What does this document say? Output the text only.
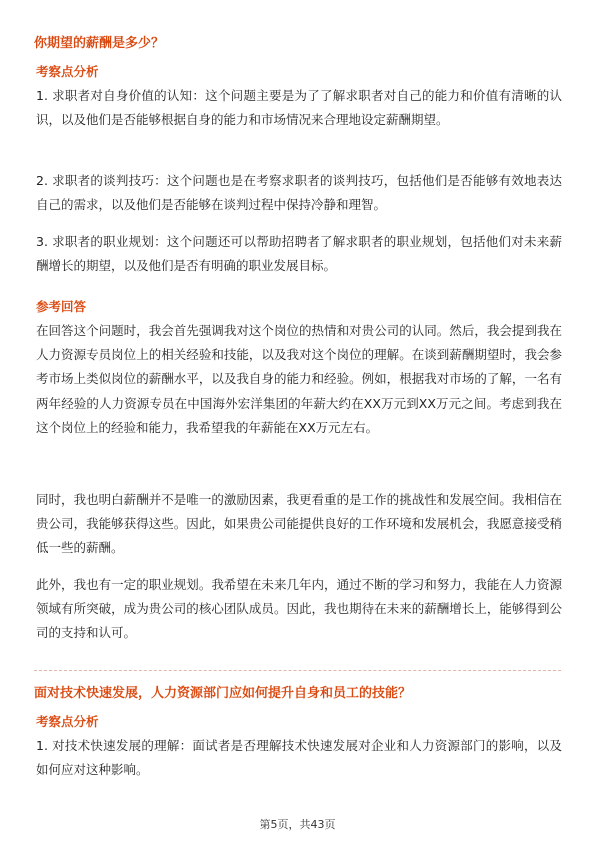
你期望的薪酬是多少？
考察点分析
1. 求职者对自身价值的认知：这个问题主要是为了了解求职者对自己的能力和价值有清晰的认识，以及他们是否能够根据自身的能力和市场情况来合理地设定薪酬期望。
2. 求职者的谈判技巧：这个问题也是在考察求职者的谈判技巧，包括他们是否能够有效地表达自己的需求，以及他们是否能够在谈判过程中保持冷静和理智。
3. 求职者的职业规划：这个问题还可以帮助招聘者了解求职者的职业规划，包括他们对未来薪酬增长的期望，以及他们是否有明确的职业发展目标。
参考回答
在回答这个问题时，我会首先强调我对这个岗位的热情和对贵公司的认同。然后，我会提到我在人力资源专员岗位上的相关经验和技能，以及我对这个岗位的理解。在谈到薪酬期望时，我会参考市场上类似岗位的薪酬水平，以及我自身的能力和经验。例如，根据我对市场的了解，一名有两年经验的人力资源专员在中国海外宏洋集团的年薪大约在XX万元到XX万元之间。考虑到我在这个岗位上的经验和能力，我希望我的年薪能在XX万元左右。
同时，我也明白薪酬并不是唯一的激励因素，我更看重的是工作的挑战性和发展空间。我相信在贵公司，我能够获得这些。因此，如果贵公司能提供良好的工作环境和发展机会，我愿意接受稍低一些的薪酬。
此外，我也有一定的职业规划。我希望在未来几年内，通过不断的学习和努力，我能在人力资源领域有所突破，成为贵公司的核心团队成员。因此，我也期待在未来的薪酬增长上，能够得到公司的支持和认可。
面对技术快速发展，人力资源部门应如何提升自身和员工的技能？
考察点分析
1. 对技术快速发展的理解：面试者是否理解技术快速发展对企业和人力资源部门的影响，以及如何应对这种影响。
第5页，共43页
